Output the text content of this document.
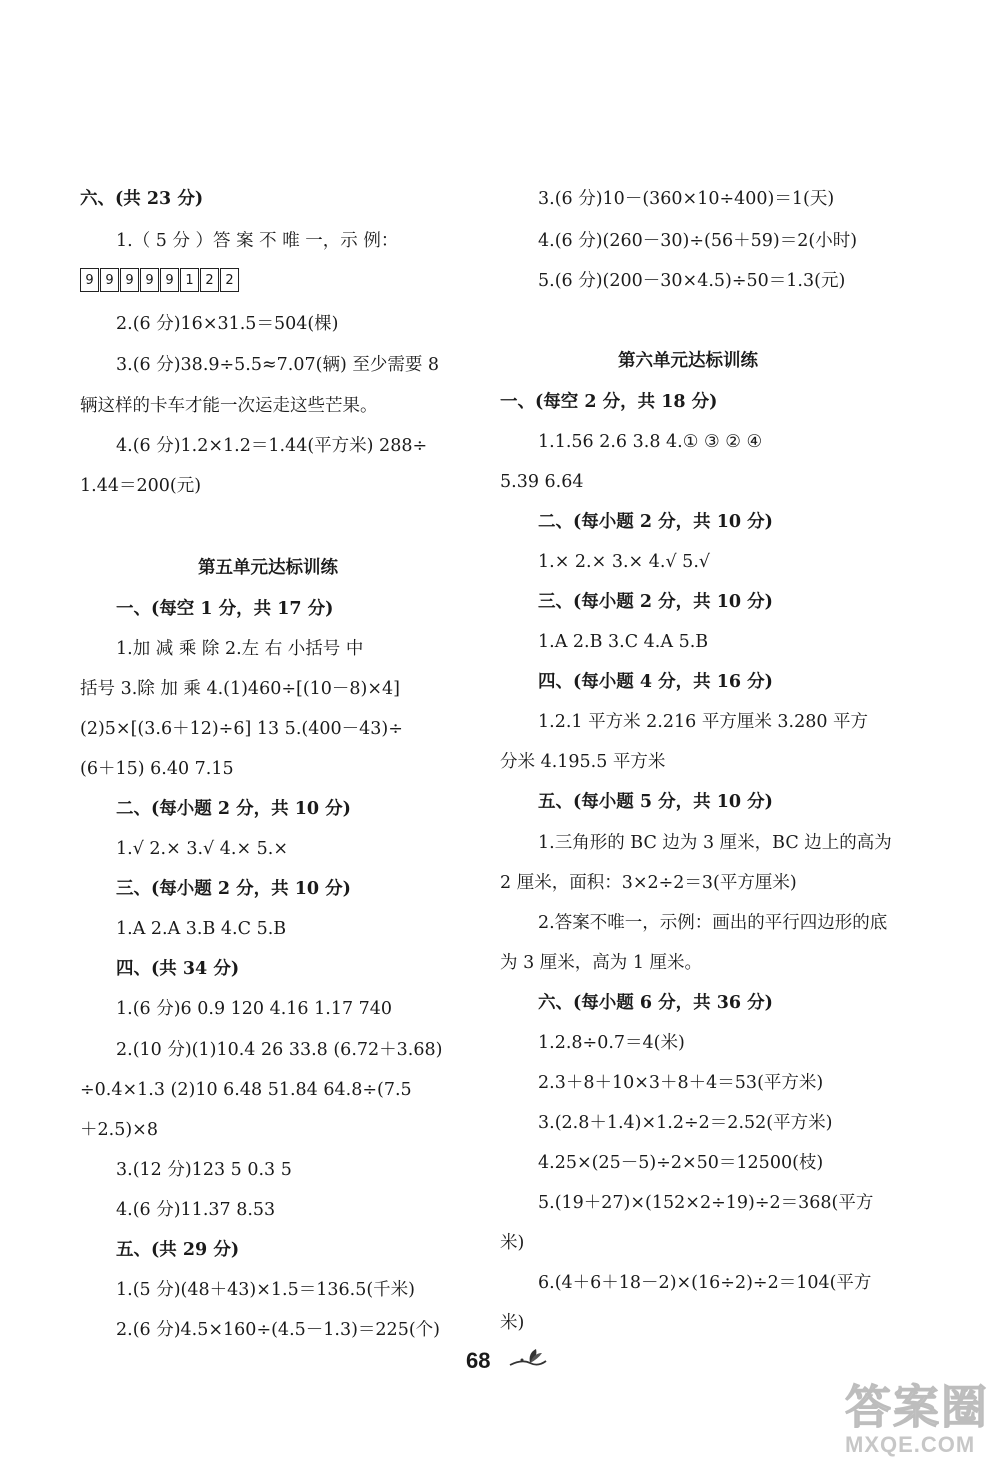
六、(共 23 分)
1.（ 5 分 ）答 案 不 唯 一，示 例：
9 9 9 9 9 1 2 2
2.(6 分)16×31.5＝504(棵)
3.(6 分)38.9÷5.5≈7.07(辆) 至少需要 8
辆这样的卡车才能一次运走这些芒果。
4.(6 分)1.2×1.2＝1.44(平方米) 288÷
1.44＝200(元)
第五单元达标训练
一、(每空 1 分，共 17 分)
1.加 减 乘 除 2.左 右 小括号 中
括号 3.除 加 乘 4.(1)460÷[(10－8)×4]
(2)5×[(3.6＋12)÷6] 13 5.(400－43)÷
(6＋15) 6.40 7.15
二、(每小题 2 分，共 10 分)
1.√ 2.× 3.√ 4.× 5.×
三、(每小题 2 分，共 10 分)
1.A 2.A 3.B 4.C 5.B
四、(共 34 分)
1.(6 分)6 0.9 120 4.16 1.17 740
2.(10 分)(1)10.4 26 33.8 (6.72＋3.68)
÷0.4×1.3 (2)10 6.48 51.84 64.8÷(7.5
＋2.5)×8
3.(12 分)123 5 0.3 5
4.(6 分)11.37 8.53
五、(共 29 分)
1.(5 分)(48＋43)×1.5＝136.5(千米)
2.(6 分)4.5×160÷(4.5－1.3)＝225(个)
3.(6 分)10－(360×10÷400)＝1(天)
4.(6 分)(260－30)÷(56＋59)＝2(小时)
5.(6 分)(200－30×4.5)÷50＝1.3(元)
第六单元达标训练
一、(每空 2 分，共 18 分)
1.1.56 2.6 3.8 4.① ③ ② ④
5.39 6.64
二、(每小题 2 分，共 10 分)
1.× 2.× 3.× 4.√ 5.√
三、(每小题 2 分，共 10 分)
1.A 2.B 3.C 4.A 5.B
四、(每小题 4 分，共 16 分)
1.2.1 平方米 2.216 平方厘米 3.280 平方
分米 4.195.5 平方米
五、(每小题 5 分，共 10 分)
1.三角形的 BC 边为 3 厘米，BC 边上的高为
2 厘米，面积：3×2÷2＝3(平方厘米)
2.答案不唯一，示例：画出的平行四边形的底
为 3 厘米，高为 1 厘米。
六、(每小题 6 分，共 36 分)
1.2.8÷0.7＝4(米)
2.3＋8＋10×3＋8＋4＝53(平方米)
3.(2.8＋1.4)×1.2÷2＝2.52(平方米)
4.25×(25－5)÷2×50＝12500(枝)
5.(19＋27)×(152×2÷19)÷2＝368(平方
米)
6.(4＋6＋18－2)×(16÷2)÷2＝104(平方
米)
68
答案圈
MXQE.COM
